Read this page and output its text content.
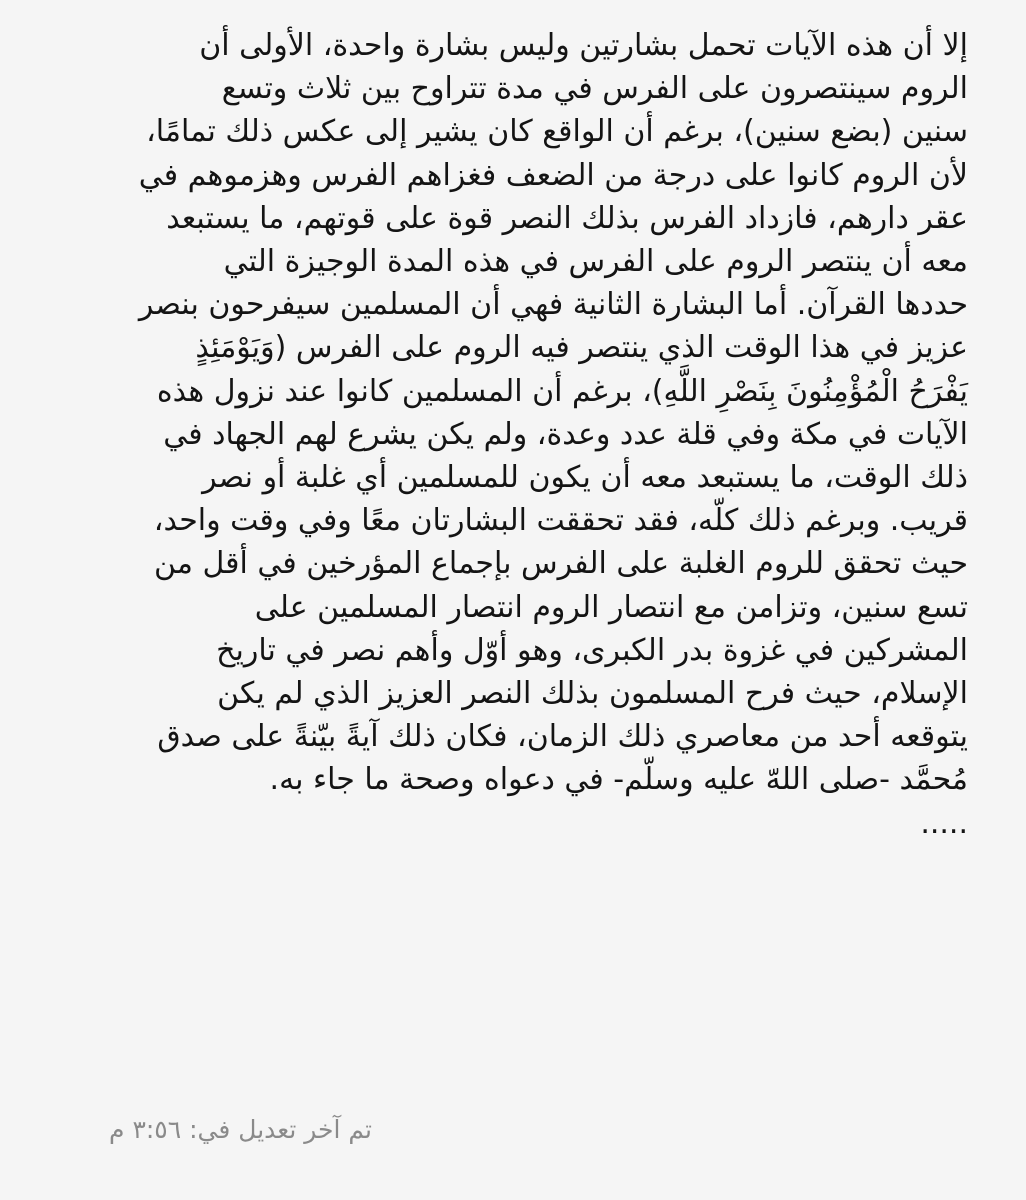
إلا أن هذه الآيات تحمل بشارتين وليس بشارة واحدة، الأولى أن
الروم سينتصرون على الفرس في مدة تتراوح بين ثلاث وتسع
سنين (بضع سنين)، برغم أن الواقع كان يشير إلى عكس ذلك تمامًا،
لأن الروم كانوا على درجة من الضعف فغزاهم الفرس وهزموهم في
عقر دارهم، فازداد الفرس بذلك النصر قوة على قوتهم، ما يستبعد
معه أن ينتصر الروم على الفرس في هذه المدة الوجيزة التي
حددها القرآن. أما البشارة الثانية فهي أن المسلمين سيفرحون بنصر
عزيز في هذا الوقت الذي ينتصر فيه الروم على الفرس (وَيَوْمَئِذٍ
يَفْرَحُ الْمُؤْمِنُونَ بِنَصْرِ اللَّهِ)، برغم أن المسلمين كانوا عند نزول هذه
الآيات في مكة وفي قلة عدد وعدة، ولم يكن يشرع لهم الجهاد في
ذلك الوقت، ما يستبعد معه أن يكون للمسلمين أي غلبة أو نصر
قريب. وبرغم ذلك كلّه، فقد تحققت البشارتان معًا وفي وقت واحد،
حيث تحقق للروم الغلبة على الفرس بإجماع المؤرخين في أقل من
تسع سنين، وتزامن مع انتصار الروم انتصار المسلمين على
المشركين في غزوة بدر الكبرى، وهو أوّل وأهم نصر في تاريخ
الإسلام، حيث فرح المسلمون بذلك النصر العزيز الذي لم يكن
يتوقعه أحد من معاصري ذلك الزمان، فكان ذلك آيةً بيّنةً على صدق
مُحمَّد -صلى اللهّ عليه وسلّم- في دعواه وصحة ما جاء به.
.....
تم آخر تعديل في: ٣:٥٦ م
